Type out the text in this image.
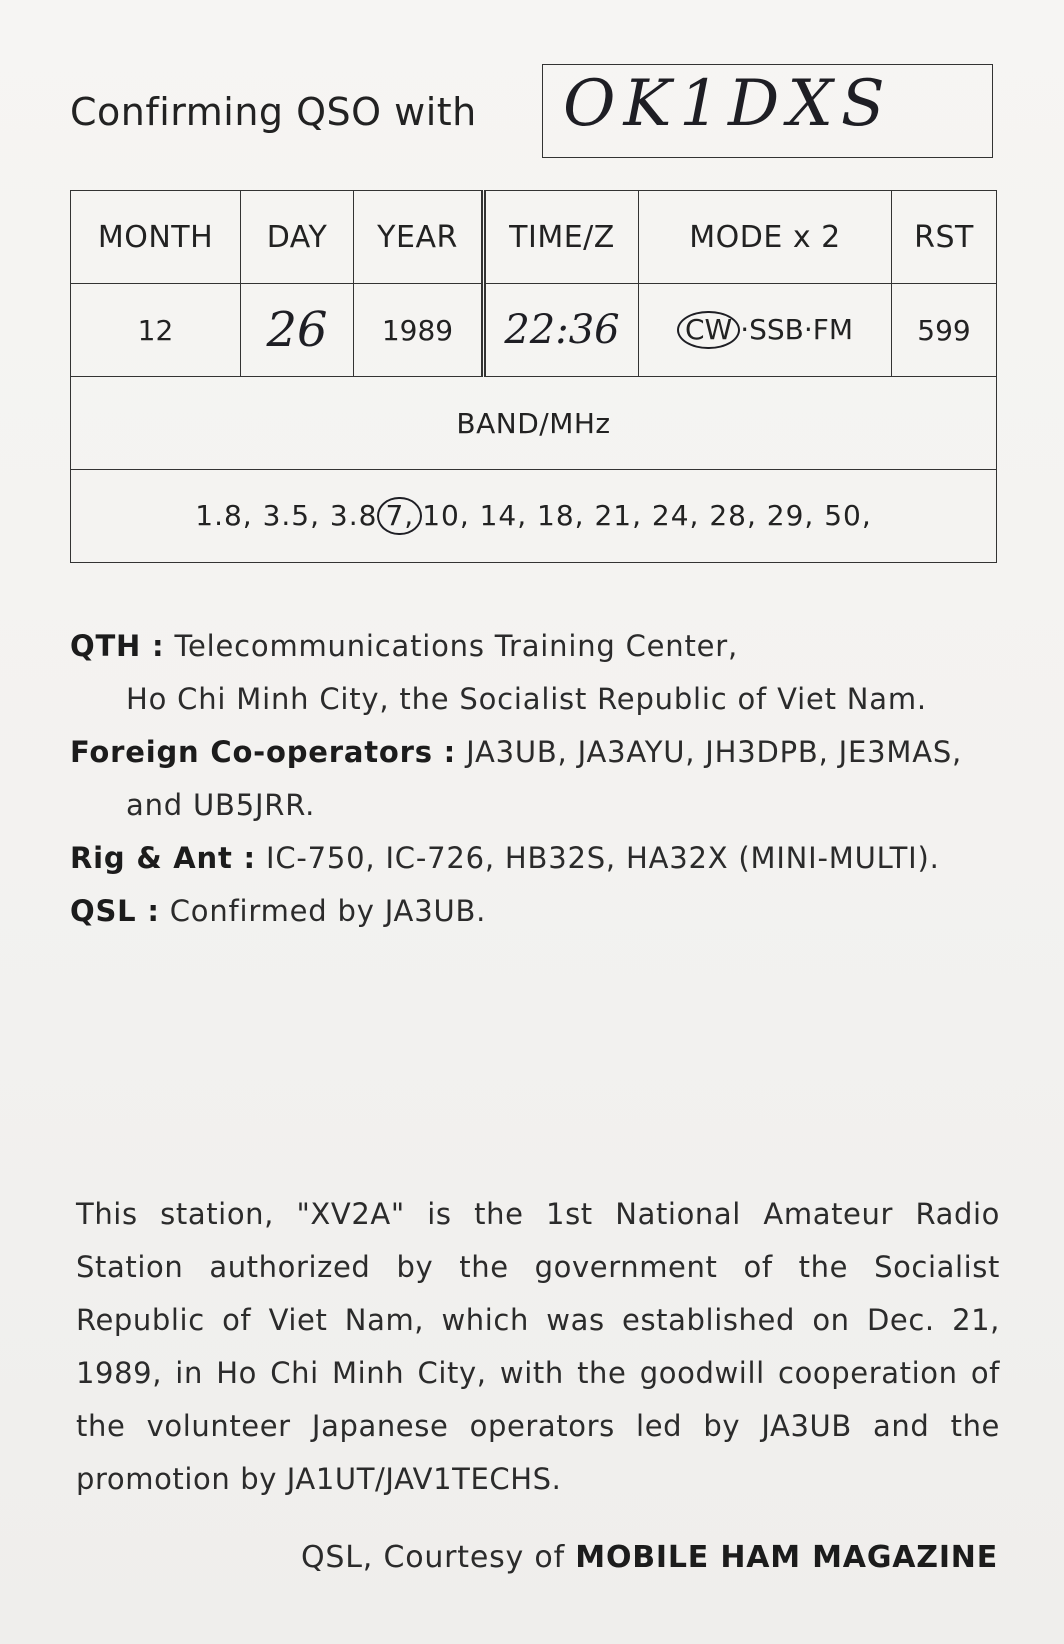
Confirming QSO with OK1DXS
MONTH	DAY	YEAR	TIME/Z	MODE x 2	RST
12	26	1989	22:36	CW ·SSB·FM	599
BAND/MHz					
1.8, 3.5, 3.8 7, 10, 14, 18, 21, 24, 28, 29, 50,					
QTH : Telecommunications Training Center,
Ho Chi Minh City, the Socialist Republic of Viet Nam.
Foreign Co-operators : JA3UB, JA3AYU, JH3DPB, JE3MAS,
and UB5JRR.
Rig & Ant : IC-750, IC-726, HB32S, HA32X (MINI-MULTI).
QSL : Confirmed by JA3UB.
This station, "XV2A" is the 1st National Amateur Radio Station authorized by the government of the Socialist Republic of Viet Nam, which was established on Dec. 21, 1989, in Ho Chi Minh City, with the goodwill cooperation of the volunteer Japanese operators led by JA3UB and the promotion by JA1UT/JAV1TECHS.
QSL, Courtesy of MOBILE HAM MAGAZINE
